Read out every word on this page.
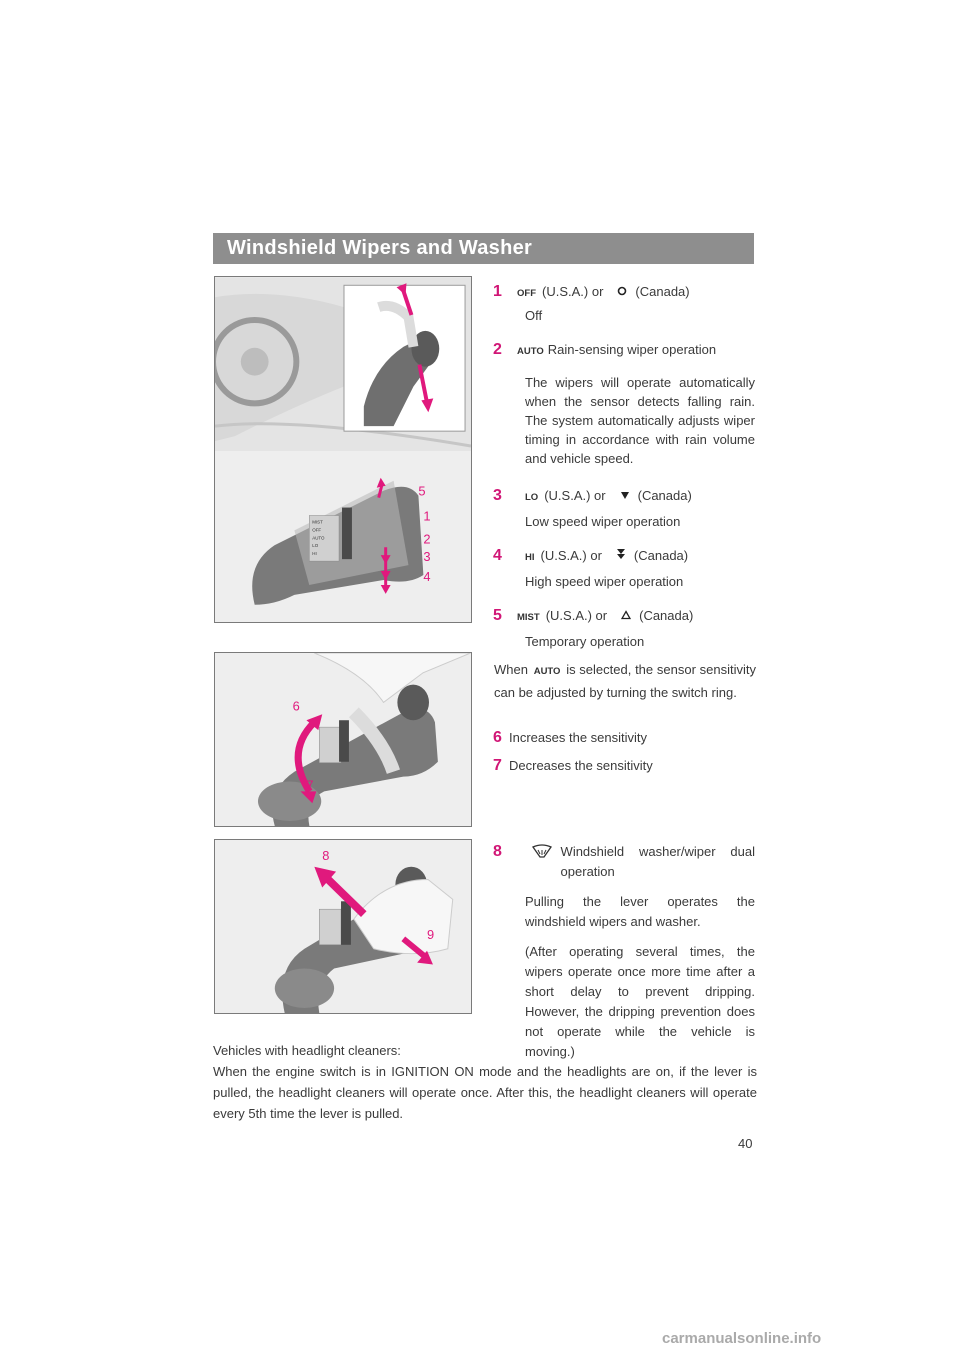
Windshield Wipers and Washer
MIST
OFF
AUTO
LO
HI
5
1
2
3
4
1	OFF (U.S.A.) or (Canada)
Off
2	AUTO Rain-sensing wiper operation
The wipers will operate automatically when the sensor detects falling rain. The system automatically adjusts wiper timing in accordance with rain volume and vehicle speed.
3	LO (U.S.A.) or (Canada)
Low speed wiper operation
4	HI (U.S.A.) or (Canada)
High speed wiper operation
5	MIST (U.S.A.) or (Canada)
Temporary operation
6
7
When AUTO is selected, the sensor sensitivity can be adjusted by turning the switch ring.
6 Increases the sensitivity
7 Decreases the sensitivity
8
9
8	Windshield washer/wiper dual operation
Pulling the lever operates the windshield wipers and washer.
(After operating several times, the wipers operate once more time after a short delay to prevent dripping. However, the dripping prevention does not operate while the vehicle is moving.)
Vehicles with headlight cleaners:
When the engine switch is in IGNITION ON mode and the headlights are on, if the lever is pulled, the headlight cleaners will operate once. After this, the headlight cleaners will operate every 5th time the lever is pulled.
40
carmanualsonline.info
